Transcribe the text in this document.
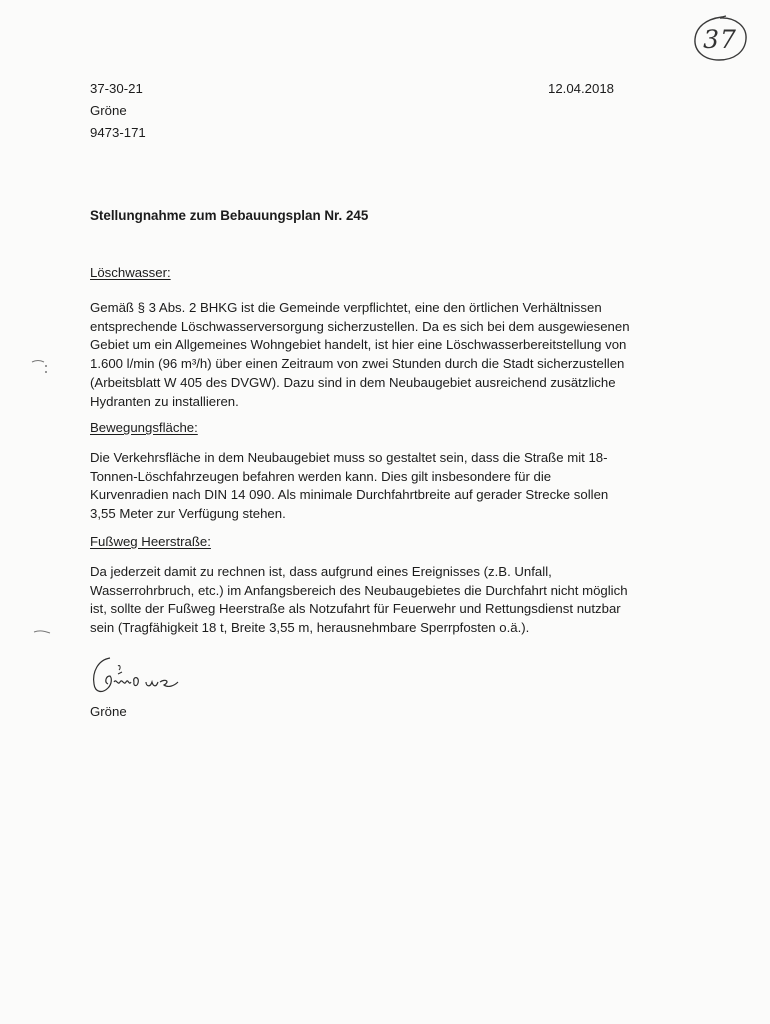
37
37-30-21
Gröne
9473-171
12.04.2018
Stellungnahme zum Bebauungsplan Nr. 245
Löschwasser:
Gemäß § 3 Abs. 2 BHKG ist die Gemeinde verpflichtet, eine den örtlichen Verhältnissen
entsprechende Löschwasserversorgung sicherzustellen. Da es sich bei dem ausgewiesenen
Gebiet um ein Allgemeines Wohngebiet handelt, ist hier eine Löschwasserbereitstellung von
1.600 l/min (96 m³/h) über einen Zeitraum von zwei Stunden durch die Stadt sicherzustellen
(Arbeitsblatt W 405 des DVGW). Dazu sind in dem Neubaugebiet ausreichend zusätzliche
Hydranten zu installieren.
Bewegungsfläche:
Die Verkehrsfläche in dem Neubaugebiet muss so gestaltet sein, dass die Straße mit 18-
Tonnen-Löschfahrzeugen befahren werden kann. Dies gilt insbesondere für die
Kurvenradien nach DIN 14 090. Als minimale Durchfahrtbreite auf gerader Strecke sollen
3,55 Meter zur Verfügung stehen.
Fußweg Heerstraße:
Da jederzeit damit zu rechnen ist, dass aufgrund eines Ereignisses (z.B. Unfall,
Wasserrohrbruch, etc.) im Anfangsbereich des Neubaugebietes die Durchfahrt nicht möglich
ist, sollte der Fußweg Heerstraße als Notzufahrt für Feuerwehr und Rettungsdienst nutzbar
sein (Tragfähigkeit 18 t, Breite 3,55 m, herausnehmbare Sperrpfosten o.ä.).
Gröne
